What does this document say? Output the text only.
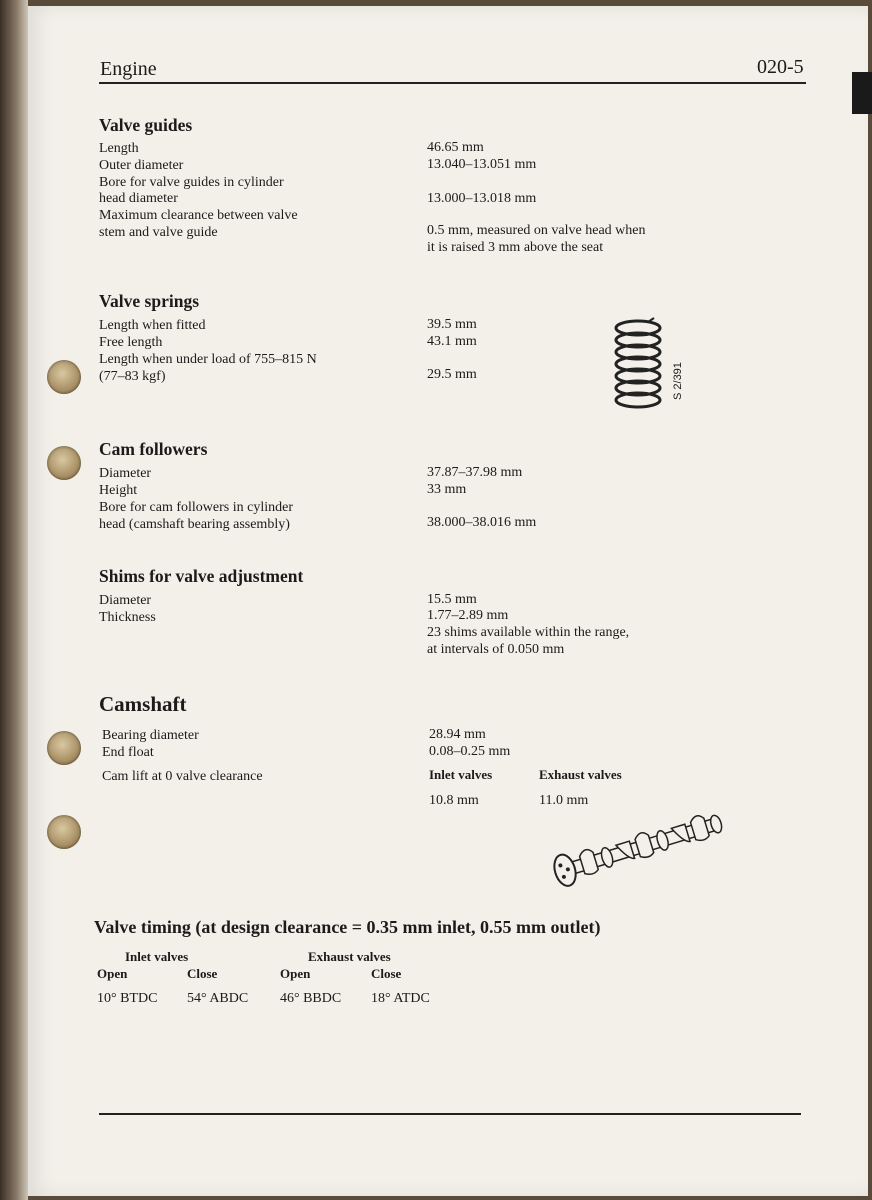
Engine	020-5
Valve guides
Length	46.65 mm
Outer diameter	13.040–13.051 mm
Bore for valve guides in cylinder
head diameter	13.000–13.018 mm
Maximum clearance between valve
stem and valve guide	0.5 mm, measured on valve head when
it is raised 3 mm above the seat
Valve springs
Length when fitted	39.5 mm
Free length	43.1 mm
Length when under load of 755–815 N
(77–83 kgf)	29.5 mm	S 2/391
Cam followers
Diameter	37.87–37.98 mm
Height	33 mm
Bore for cam followers in cylinder
head (camshaft bearing assembly)	38.000–38.016 mm
Shims for valve adjustment
Diameter	15.5 mm
Thickness	1.77–2.89 mm
23 shims available within the range,
at intervals of 0.050 mm
Camshaft
Bearing diameter	28.94 mm
End float	0.08–0.25 mm
Cam lift at 0 valve clearance	Inlet valves	Exhaust valves
10.8 mm	11.0 mm
Valve timing (at design clearance = 0.35 mm inlet, 0.55 mm outlet)
Inlet valves	Exhaust valves
Open	Close	Open	Close
10° BTDC 54° ABDC 46° BBDC 18° ATDC
